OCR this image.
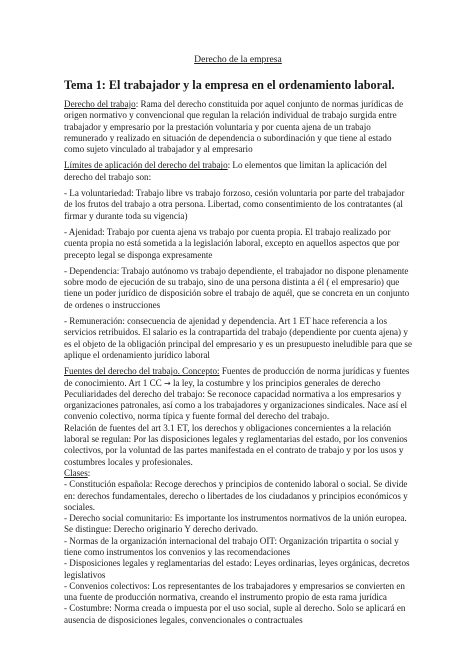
Derecho de la empresa
Tema 1: El trabajador y la empresa en el ordenamiento laboral.

Derecho del trabajo: Rama del derecho constituida por aquel conjunto de normas jurídicas de origen normativo y convencional que regulan la relación individual de trabajo surgida entre trabajador y empresario por la prestación voluntaria y por cuenta ajena de un trabajo remunerado y realizado en situación de dependencia o subordinación y que tiene al estado como sujeto vinculado al trabajador y al empresario

Límites de aplicación del derecho del trabajo: Lo elementos que limitan la aplicación del derecho del trabajo son:

- La voluntariedad: Trabajo libre vs trabajo forzoso, cesión voluntaria por parte del trabajador de los frutos del trabajo a otra persona. Libertad, como consentimiento de los contratantes (al firmar y durante toda su vigencia)

- Ajenidad: Trabajo por cuenta ajena vs trabajo por cuenta propia. El trabajo realizado por cuenta propia no está sometida a la legislación laboral, excepto en aquellos aspectos que por precepto legal se disponga expresamente

- Dependencia: Trabajo autónomo vs trabajo dependiente, el trabajador no dispone plenamente sobre modo de ejecución de su trabajo, sino de una persona distinta a él ( el empresario) que tiene un poder jurídico de disposición sobre el trabajo de aquél, que se concreta en un conjunto de ordenes o instrucciones

- Remuneración: consecuencia de ajenidad y dependencia. Art 1 ET hace referencia a los servicios retribuidos. El salario es la contrapartida del trabajo (dependiente por cuenta ajena) y es el objeto de la obligación principal del empresario y es un presupuesto ineludible para que se aplique el ordenamiento jurídico laboral

Fuentes del derecho del trabajo. Concepto: Fuentes de producción de norma jurídicas y fuentes de conocimiento. Art 1 CC → la ley, la costumbre y los principios generales de derecho

Peculiaridades del derecho del trabajo: Se reconoce capacidad normativa a los empresarios y organizaciones patronales, así como a los trabajadores y organizaciones sindicales. Nace así el convenio colectivo, norma típica y fuente formal del derecho del trabajo.

Relación de fuentes del art 3.1 ET, los derechos y obligaciones concernientes a la relación laboral se regulan: Por las disposiciones legales y reglamentarias del estado, por los convenios colectivos, por la voluntad de las partes manifestada en el contrato de trabajo y por los usos y costumbres locales y profesionales.

Clases:

- Constitución española: Recoge derechos y principios de contenido laboral o social. Se divide en: derechos fundamentales, derecho o libertades de los ciudadanos y principios económicos y sociales.
- Derecho social comunitario: Es importante los instrumentos normativos de la unión europea. Se distingue: Derecho originario Y derecho derivado.
- Normas de la organización internacional del trabajo OIT: Organización tripartita o social y tiene como instrumentos los convenios y las recomendaciones
- Disposiciones legales y reglamentarias del estado: Leyes ordinarias, leyes orgánicas, decretos legislativos
- Convenios colectivos: Los representantes de los trabajadores y empresarios se convierten en una fuente de producción normativa, creando el instrumento propio de esta rama jurídica
- Costumbre: Norma creada o impuesta por el uso social, suple al derecho. Solo se aplicará en ausencia de disposiciones legales, convencionales o contractuales
